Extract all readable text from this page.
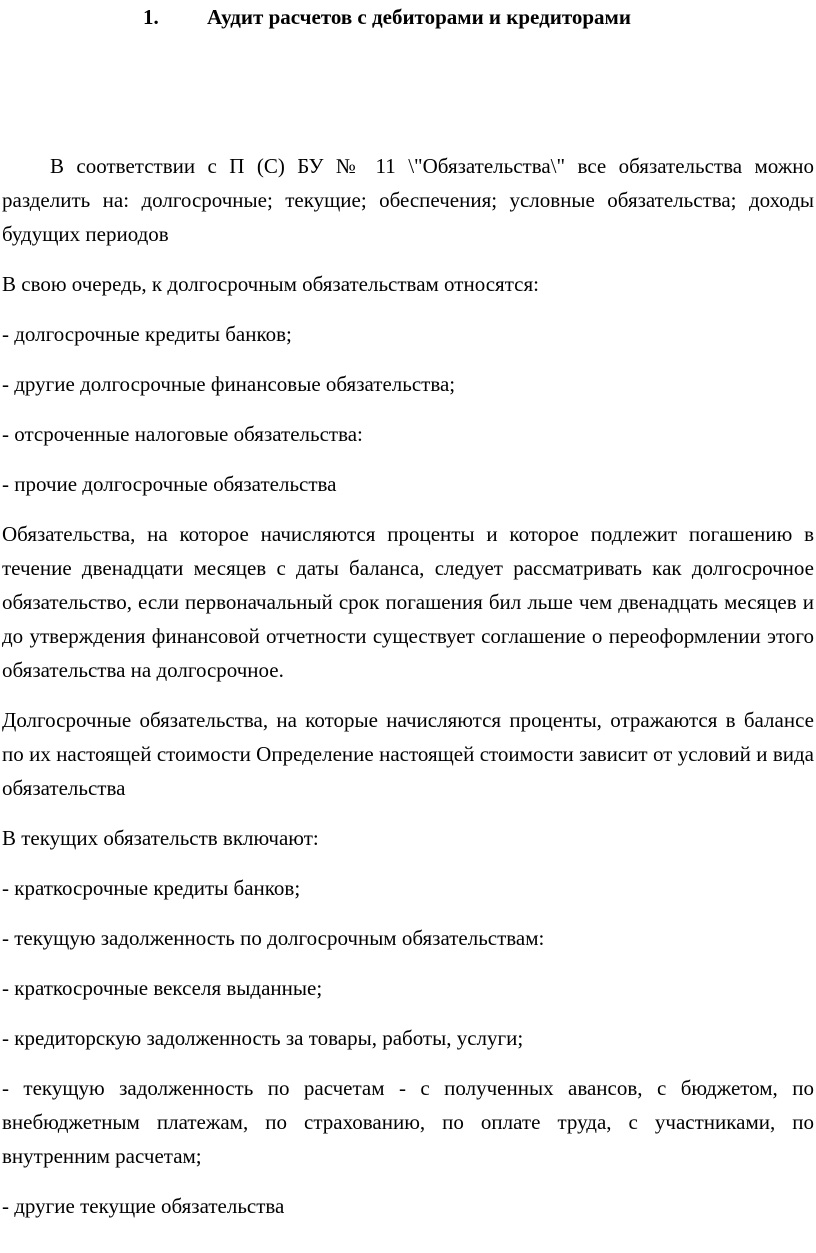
1. Аудит расчетов с дебиторами и кредиторами

В соответствии с П (С) БУ № 11 \"Обязательства\" все обязательства можно разделить на: долгосрочные; текущие; обеспечения; условные обязательства; доходы будущих периодов

В свою очередь, к долгосрочным обязательствам относятся:

- долгосрочные кредиты банков;

- другие долгосрочные финансовые обязательства;

- отсроченные налоговые обязательства:

- прочие долгосрочные обязательства

Обязательства, на которое начисляются проценты и которое подлежит погашению в течение двенадцати месяцев с даты баланса, следует рассматривать как долгосрочное обязательство, если первоначальный срок погашения бил льше чем двенадцать месяцев и до утверждения финансовой отчетности существует соглашение о переоформлении этого обязательства на долгосрочное.

Долгосрочные обязательства, на которые начисляются проценты, отражаются в балансе по их настоящей стоимости Определение настоящей стоимости зависит от условий и вида обязательства

В текущих обязательств включают:

- краткосрочные кредиты банков;

- текущую задолженность по долгосрочным обязательствам:

- краткосрочные векселя выданные;

- кредиторскую задолженность за товары, работы, услуги;

- текущую задолженность по расчетам - с полученных авансов, с бюджетом, по внебюджетным платежам, по страхованию, по оплате труда, с участниками, по внутренним расчетам;

- другие текущие обязательства
